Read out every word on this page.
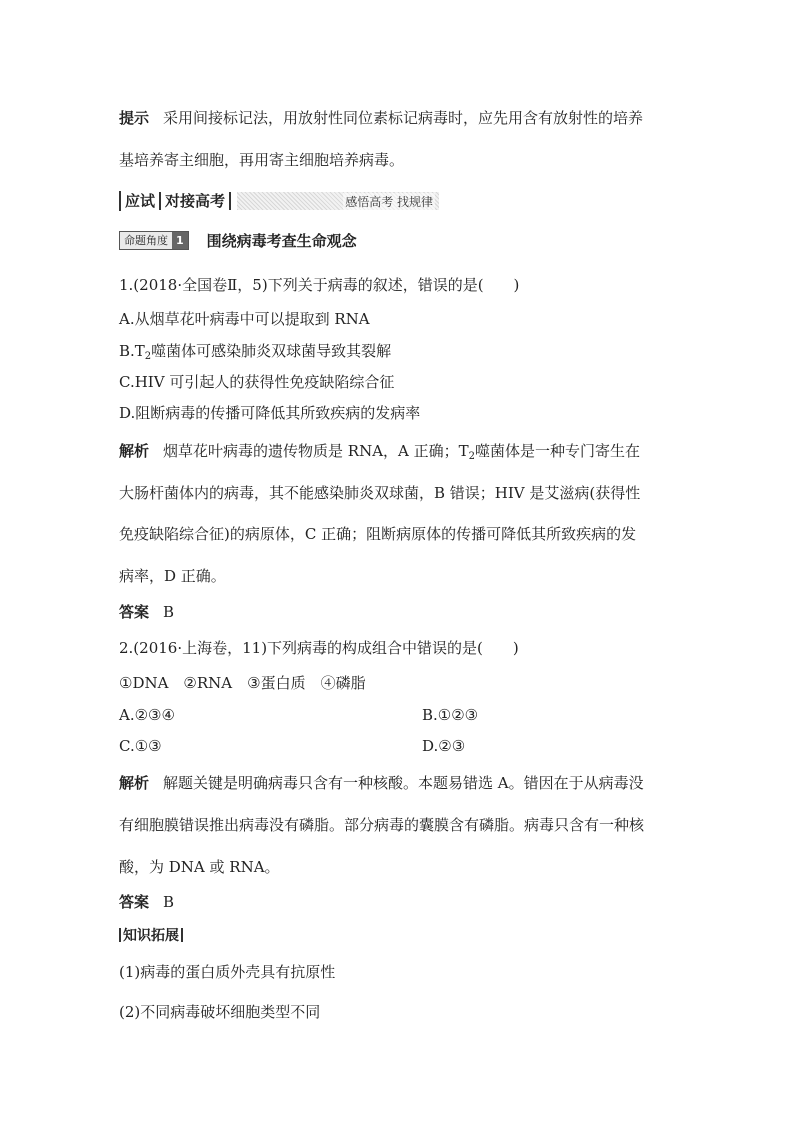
提示 采用间接标记法，用放射性同位素标记病毒时，应先用含有放射性的培养
基培养寄主细胞，再用寄主细胞培养病毒。
应试 对接高考	感悟高考 找规律
命题角度 1 围绕病毒考查生命观念
1.(2018·全国卷Ⅱ，5)下列关于病毒的叙述，错误的是(　　)
A.从烟草花叶病毒中可以提取到 RNA
$B.T_2$噬菌体可感染肺炎双球菌导致其裂解
C.HIV 可引起人的获得性免疫缺陷综合征
D.阻断病毒的传播可降低其所致疾病的发病率
解析 烟草花叶病毒的遗传物质是 RNA，A 正确；$T_2$噬菌体是一种专门寄生在
大肠杆菌体内的病毒，其不能感染肺炎双球菌，B 错误；HIV 是艾滋病(获得性
免疫缺陷综合征)的病原体，C 正确；阻断病原体的传播可降低其所致疾病的发
病率，D 正确。
答案 B
2.(2016·上海卷，11)下列病毒的构成组合中错误的是(　　)
①DNA　②RNA　③蛋白质　④磷脂
A.②③④	B.①②③
C.①③	D.②③
解析 解题关键是明确病毒只含有一种核酸。本题易错选 A。错因在于从病毒没
有细胞膜错误推出病毒没有磷脂。部分病毒的囊膜含有磷脂。病毒只含有一种核
酸，为 DNA 或 RNA。
答案 B
知识拓展
(1)病毒的蛋白质外壳具有抗原性
(2)不同病毒破坏细胞类型不同
